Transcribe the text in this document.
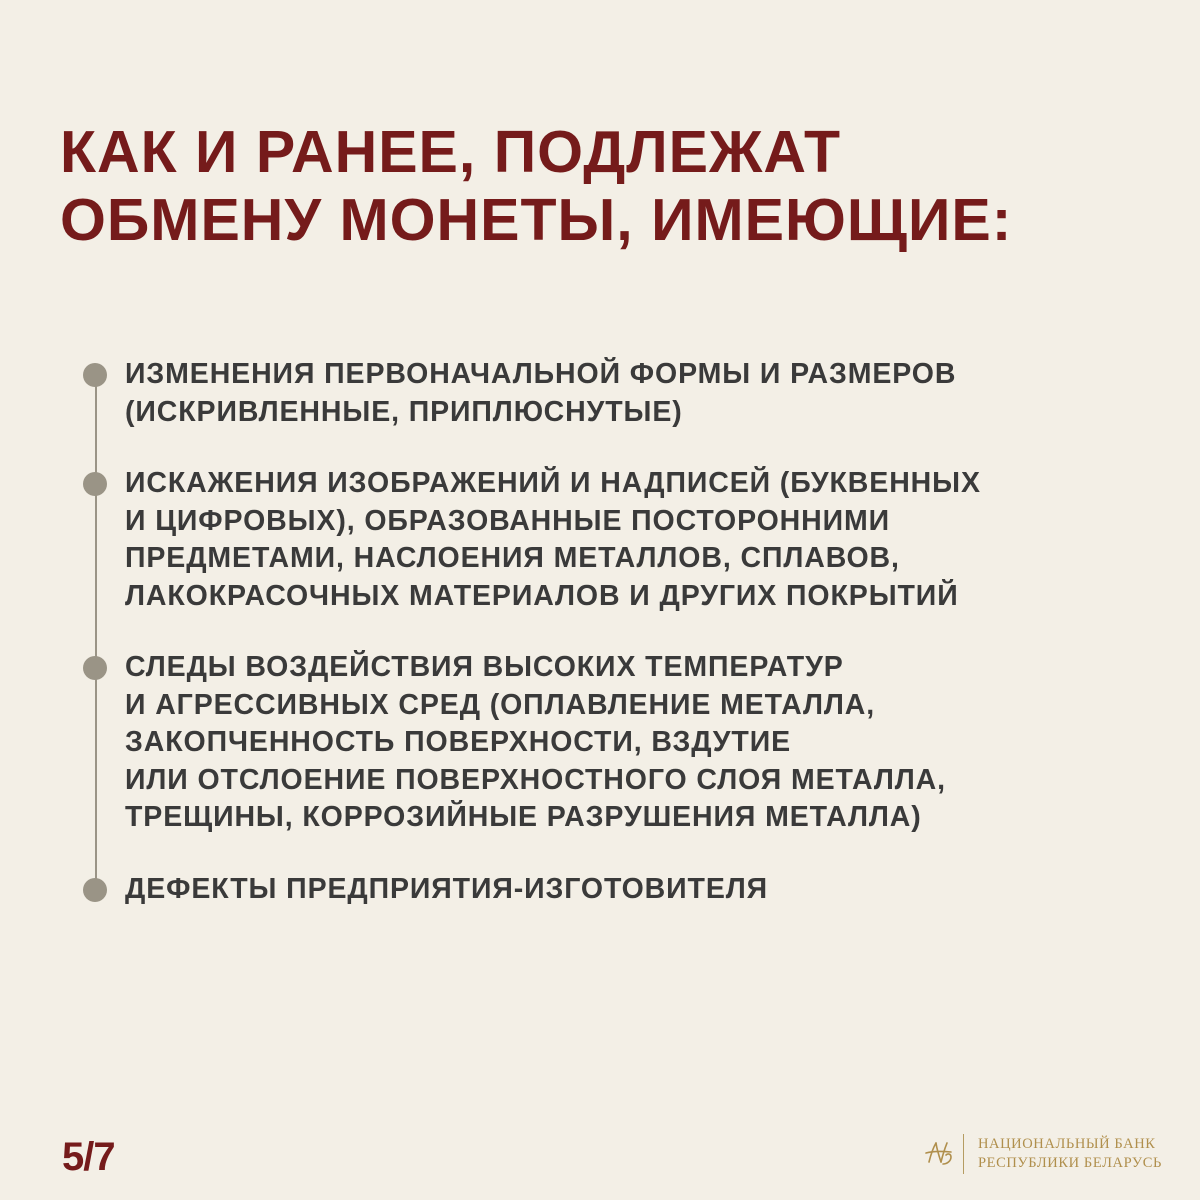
КАК И РАНЕЕ, ПОДЛЕЖАТ
ОБМЕНУ МОНЕТЫ, ИМЕЮЩИЕ:
ИЗМЕНЕНИЯ ПЕРВОНАЧАЛЬНОЙ ФОРМЫ И РАЗМЕРОВ
(ИСКРИВЛЕННЫЕ, ПРИПЛЮСНУТЫЕ)
ИСКАЖЕНИЯ ИЗОБРАЖЕНИЙ И НАДПИСЕЙ (БУКВЕННЫХ
И ЦИФРОВЫХ), ОБРАЗОВАННЫЕ ПОСТОРОННИМИ
ПРЕДМЕТАМИ, НАСЛОЕНИЯ МЕТАЛЛОВ, СПЛАВОВ,
ЛАКОКРАСОЧНЫХ МАТЕРИАЛОВ И ДРУГИХ ПОКРЫТИЙ
СЛЕДЫ ВОЗДЕЙСТВИЯ ВЫСОКИХ ТЕМПЕРАТУР
И АГРЕССИВНЫХ СРЕД (ОПЛАВЛЕНИЕ МЕТАЛЛА,
ЗАКОПЧЕННОСТЬ ПОВЕРХНОСТИ, ВЗДУТИЕ
ИЛИ ОТСЛОЕНИЕ ПОВЕРХНОСТНОГО СЛОЯ МЕТАЛЛА,
ТРЕЩИНЫ, КОРРОЗИЙНЫЕ РАЗРУШЕНИЯ МЕТАЛЛА)
ДЕФЕКТЫ ПРЕДПРИЯТИЯ-ИЗГОТОВИТЕЛЯ
5/7	НАЦИОНАЛЬНЫЙ БАНК
РЕСПУБЛИКИ БЕЛАРУСЬ
